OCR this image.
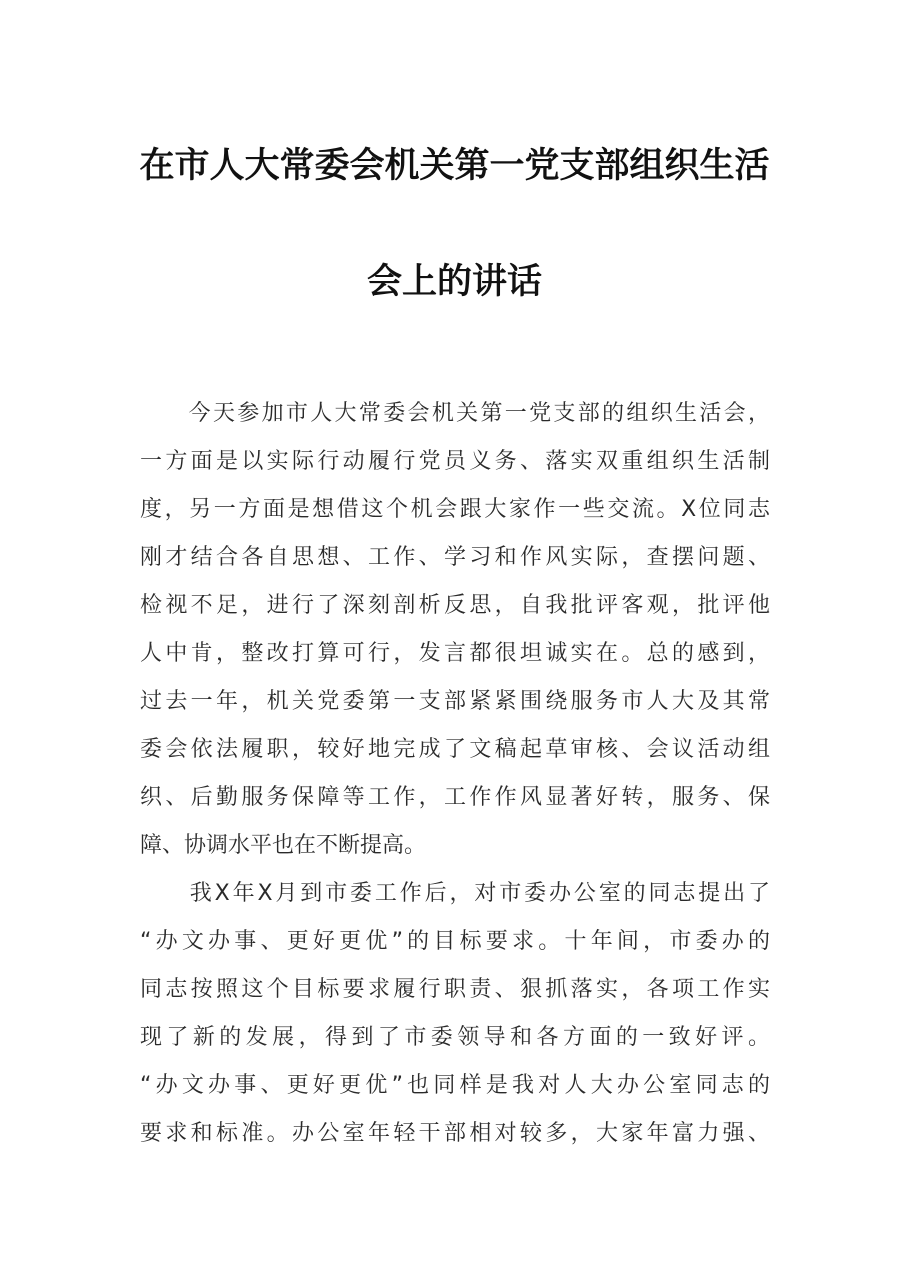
在市人大常委会机关第一党支部组织生活
会上的讲话
　　今天参加市人大常委会机关第一党支部的组织生活会，
一方面是以实际行动履行党员义务、落实双重组织生活制
度，另一方面是想借这个机会跟大家作一些交流。X位同志
刚才结合各自思想、工作、学习和作风实际，查摆问题、
检视不足，进行了深刻剖析反思，自我批评客观，批评他
人中肯，整改打算可行，发言都很坦诚实在。总的感到，
过去一年，机关党委第一支部紧紧围绕服务市人大及其常
委会依法履职，较好地完成了文稿起草审核、会议活动组
织、后勤服务保障等工作，工作作风显著好转，服务、保
障、协调水平也在不断提高。
　　我X年X月到市委工作后，对市委办公室的同志提出了
“办文办事、更好更优”的目标要求。十年间，市委办的
同志按照这个目标要求履行职责、狠抓落实，各项工作实
现了新的发展，得到了市委领导和各方面的一致好评。
“办文办事、更好更优”也同样是我对人大办公室同志的
要求和标准。办公室年轻干部相对较多，大家年富力强、
